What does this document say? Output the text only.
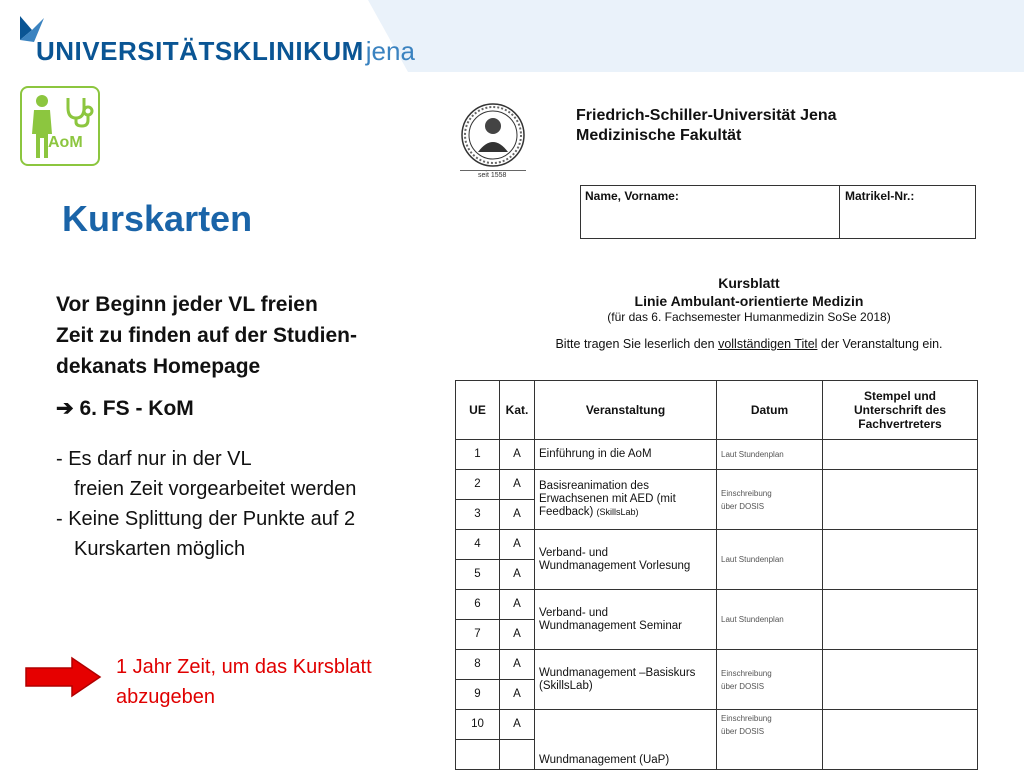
UNIVERSITÄTSKLINIKUMjena
AoM
Kurskarten

Vor Beginn jeder VL freien
Zeit zu finden auf der Studien-
dekanats Homepage

➔ 6. FS - KoM

- Es darf nur in der VL
freien Zeit vorgearbeitet werden
- Keine Splittung der Punkte auf 2
Kurskarten möglich
1 Jahr Zeit, um das Kursblatt
abzugeben
seit 1558
Friedrich-Schiller-Universität Jena
Medizinische Fakultät
Name, Vorname:	Matrikel-Nr.:
Kursblatt
Linie Ambulant-orientierte Medizin
(für das 6. Fachsemester Humanmedizin SoSe 2018)
Bitte tragen Sie leserlich den vollständigen Titel der Veranstaltung ein.
UE	Kat.	Veranstaltung	Datum	Stempel und
Unterschrift des
Fachvertreters
1	A	Einführung in die AoM	Laut Stundenplan	
2	A	Basisreanimation des
Erwachsenen mit AED (mit
Feedback) (SkillsLab)	Einschreibung
über DOSIS	
3	A			
4	A	Verband- und
Wundmanagement Vorlesung	Laut Stundenplan	
5	A			
6	A	Verband- und
Wundmanagement Seminar	Laut Stundenplan	
7	A			
8	A	Wundmanagement –Basiskurs
(SkillsLab)	Einschreibung
über DOSIS	
9	A			
10	A	Wundmanagement (UaP)	Einschreibung
über DOSIS	
